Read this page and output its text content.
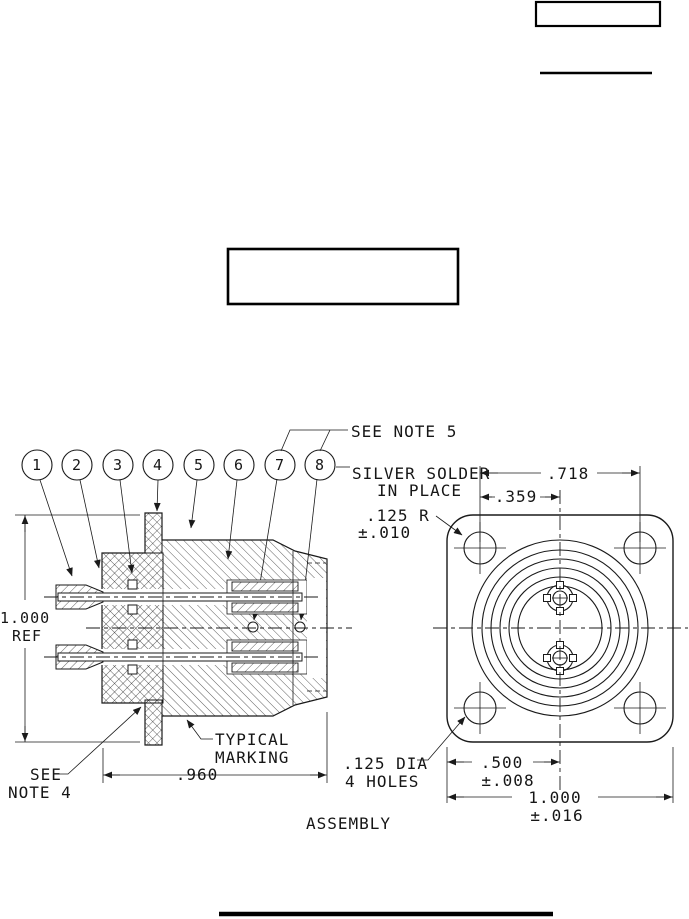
1 2 3 4 5 6 7 8
SEE NOTE 5
SILVER SOLDER
IN PLACE
1.000
REF
.960
SEE
NOTE 4
TYPICAL
MARKING
ASSEMBLY
.718
.359
.125 R
±.010
.125 DIA
4 HOLES
.500
±.008
1.000
±.016
